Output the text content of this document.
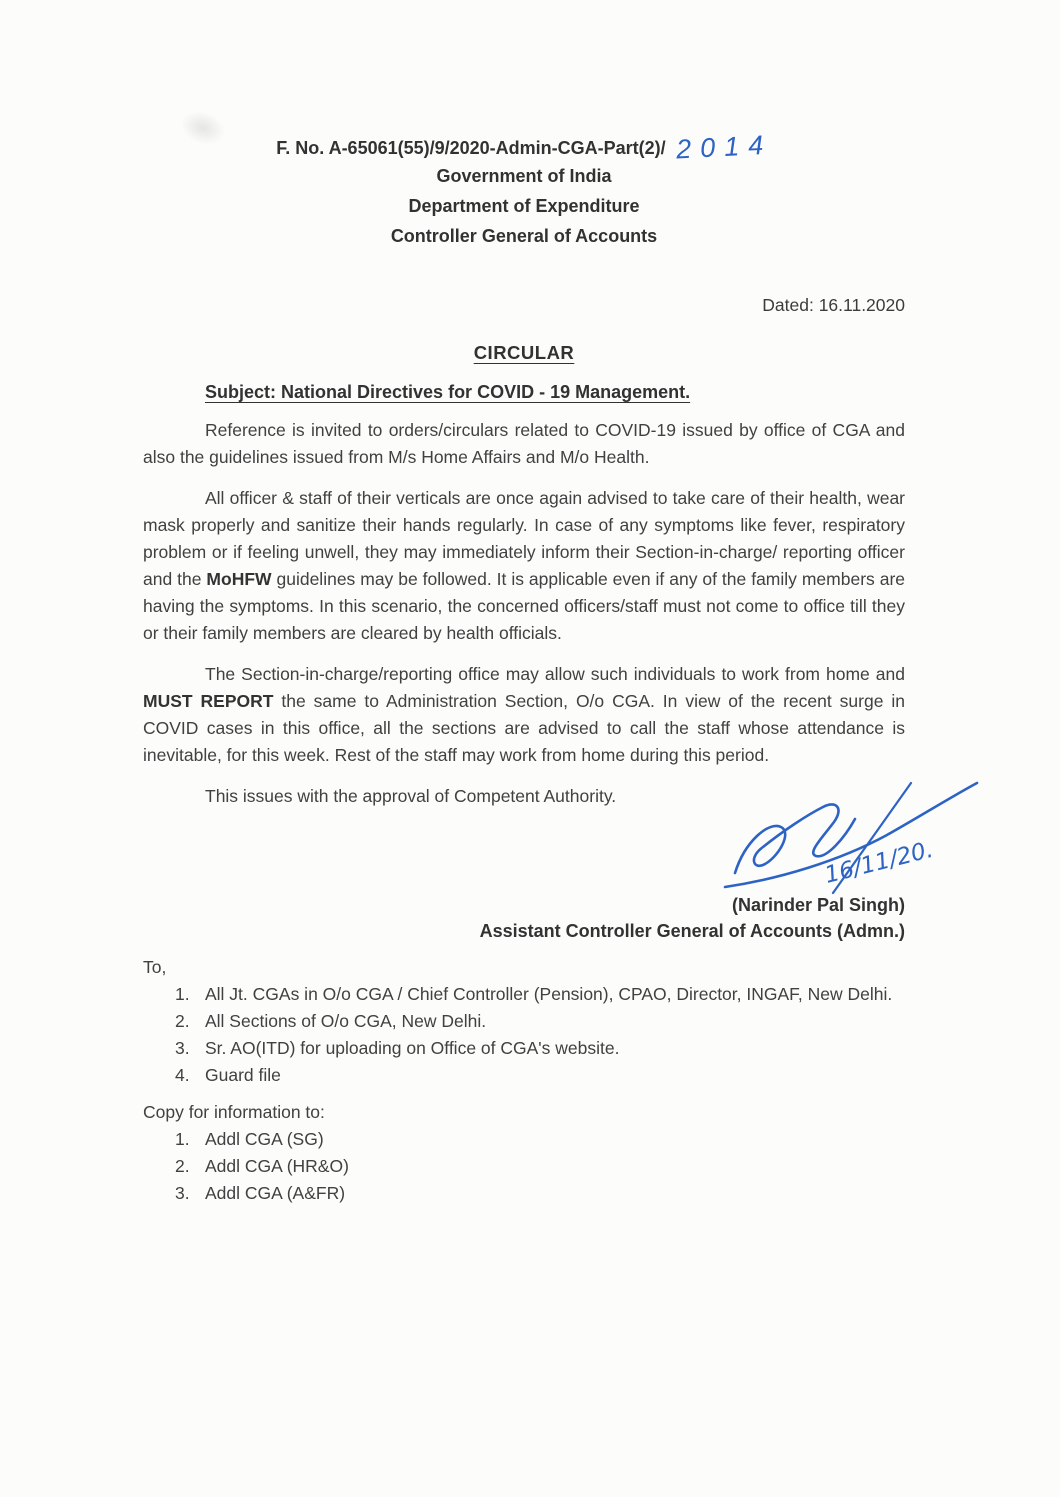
F. No. A-65061(55)/9/2020-Admin-CGA-Part(2)/ 2014
Government of India
Department of Expenditure
Controller General of Accounts
Dated: 16.11.2020
CIRCULAR
Subject: National Directives for COVID - 19 Management.

Reference is invited to orders/circulars related to COVID-19 issued by office of CGA and also the guidelines issued from M/s Home Affairs and M/o Health.

All officer & staff of their verticals are once again advised to take care of their health, wear mask properly and sanitize their hands regularly. In case of any symptoms like fever, respiratory problem or if feeling unwell, they may immediately inform their Section-in-charge/ reporting officer and the MoHFW guidelines may be followed. It is applicable even if any of the family members are having the symptoms. In this scenario, the concerned officers/staff must not come to office till they or their family members are cleared by health officials.

The Section-in-charge/reporting office may allow such individuals to work from home and MUST REPORT the same to Administration Section, O/o CGA. In view of the recent surge in COVID cases in this office, all the sections are advised to call the staff whose attendance is inevitable, for this week. Rest of the staff may work from home during this period.

This issues with the approval of Competent Authority.

(Narinder Pal Singh)
Assistant Controller General of Accounts (Admn.)
To,
1. All Jt. CGAs in O/o CGA / Chief Controller (Pension), CPAO, Director, INGAF, New Delhi.
2. All Sections of O/o CGA, New Delhi.
3. Sr. AO(ITD) for uploading on Office of CGA's website.
4. Guard file
Copy for information to:
1. Addl CGA (SG)
2. Addl CGA (HR&O)
3. Addl CGA (A&FR)
16/11/20.
